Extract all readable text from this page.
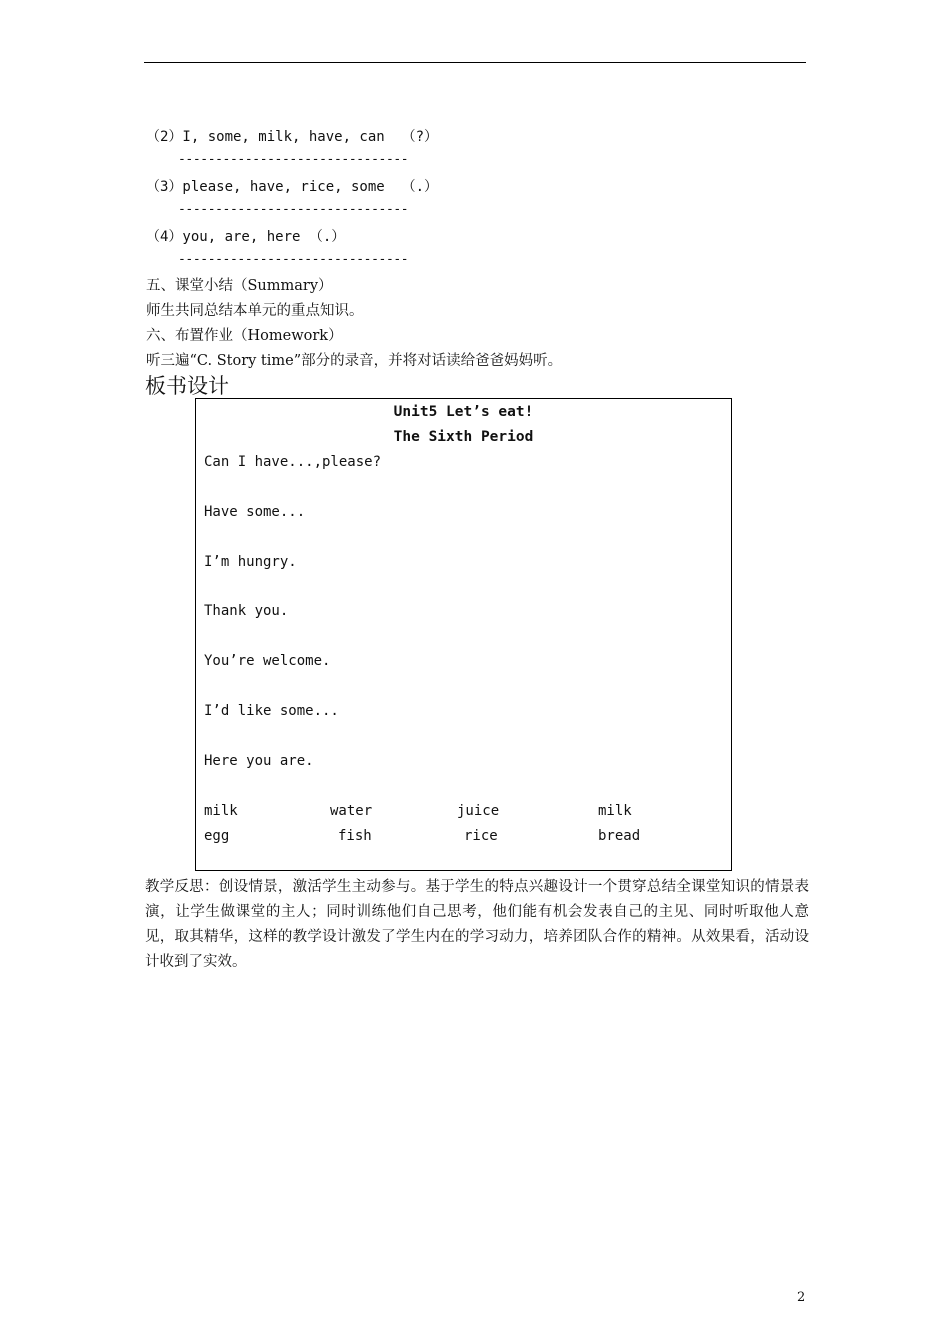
（2）I, some, milk, have, can  （?）
-------------------------------
（3）please, have, rice, some  （.）
-------------------------------
（4）you, are, here （.）
-------------------------------
五、课堂小结（Summary）
师生共同总结本单元的重点知识。
六、布置作业（Homework）
听三遍“C. Story time”部分的录音，并将对话读给爸爸妈妈听。
板书设计
Unit5 Let’s eat!
The Sixth Period
Can I have...,please?
Have some...
I’m hungry.
Thank you.
You’re welcome.
I’d like some...
Here you are.
milk	water	juice	milk
egg	fish	rice	bread
教学反思：创设情景，激活学生主动参与。基于学生的特点兴趣设计一个贯穿总结全课堂知识的情景表演，让学生做课堂的主人；同时训练他们自己思考，他们能有机会发表自己的主见、同时听取他人意见，取其精华，这样的教学设计激发了学生内在的学习动力，培养团队合作的精神。从效果看，活动设计收到了实效。
2
